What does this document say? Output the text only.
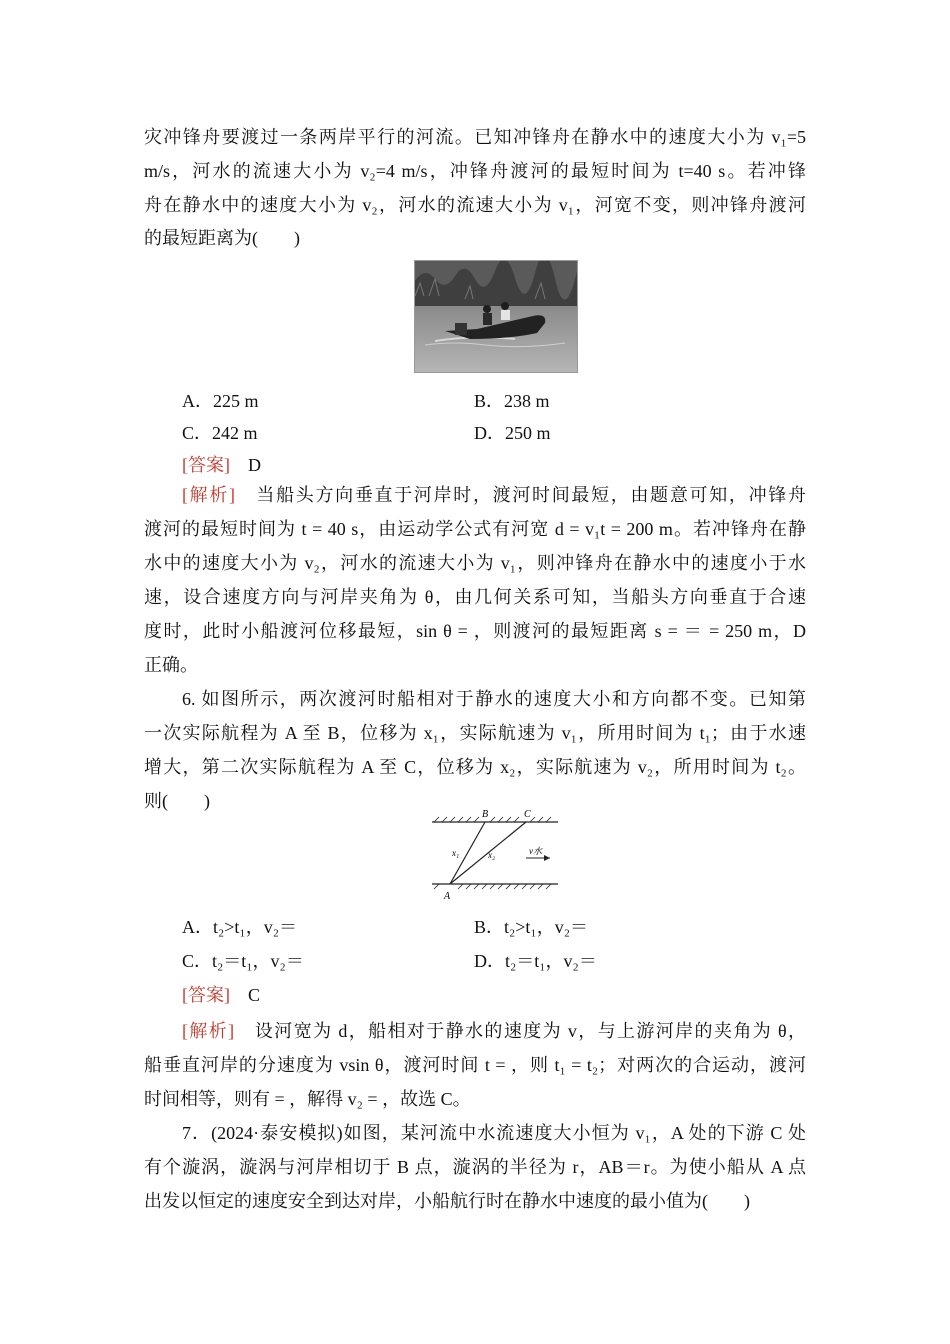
灾冲锋舟要渡过一条两岸平行的河流。已知冲锋舟在静水中的速度大小为 v₁=5
m/s，河水的流速大小为 v₂=4 m/s，冲锋舟渡河的最短时间为 t=40 s。若冲锋
舟在静水中的速度大小为 v₂，河水的流速大小为 v₁，河宽不变，则冲锋舟渡河
的最短距离为(　　)
渡河的最短时间为 t = 40 s，由运动学公式有河宽 d = v₁t = 200 m。若冲锋舟在静
水中的速度大小为 v₂，河水的流速大小为 v₁，则冲锋舟在静水中的速度小于水
速，设合速度方向与河岸夹角为 θ，由几何关系可知，当船头方向垂直于合速
度时，此时小船渡河位移最短，sin θ = ，则渡河的最短距离 s = ＝ = 250 m，D
正确。
一次实际航程为 A 至 B，位移为 x₁，实际航速为 v₁，所用时间为 t₁；由于水速
增大，第二次实际航程为 A 至 C，位移为 x₂，实际航速为 v₂，所用时间为 t₂。
则(　　)
船垂直河岸的分速度为 vsin θ，渡河时间 t = ，则 t₁ = t₂；对两次的合运动，渡河
时间相等，则有 = ，解得 v₂ = ，故选 C。
有个漩涡，漩涡与河岸相切于 B 点，漩涡的半径为 r，AB＝r。为使小船从 A 点
出发以恒定的速度安全到达对岸，小船航行时在静水中速度的最小值为(　　)
[解析]　当船头方向垂直于河岸时，渡河时间最短，由题意可知，冲锋舟
6. 如图所示，两次渡河时船相对于静水的速度大小和方向都不变。已知第
[解析]　设河宽为 d，船相对于静水的速度为 v，与上游河岸的夹角为 θ，
7．(2024·泰安模拟)如图，某河流中水流速度大小恒为 v₁，A 处的下游 C 处
A．225 m	B．238 m
C．242 m	D．250 m
[答案]　 D
B	C
A
x₁	x₂	v水
A．t₂>t₁，v₂＝	B．t₂>t₁，v₂＝
C．t₂＝t₁，v₂＝	D．t₂＝t₁，v₂＝
[答案]　 C
